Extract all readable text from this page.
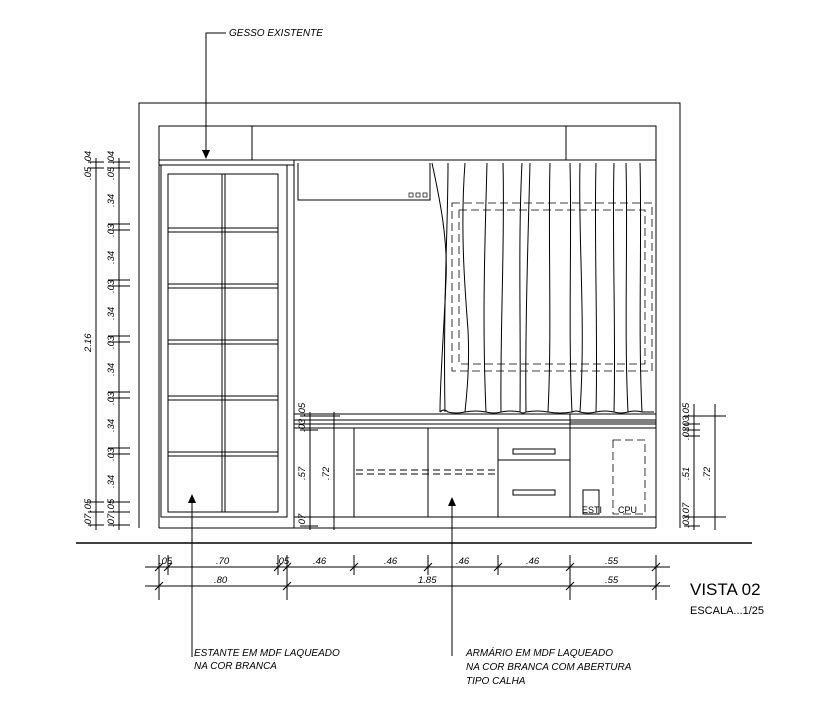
.05
.04
2.16
.05
.07
.05
.04
.34
.03
.34
.03
.34
.03
.34
.03
.34
.03
.34
.05
.07
.05
.03
.57 .72
.07
.05
.03
.03
.51 .72
.07
.03
.05	.70	.05	.46	.46	.46	.46	.55
.80	1.85	.55
GESSO EXISTENTE
ESTANTE EM MDF LAQUEADO
NA COR BRANCA
ARMÁRIO EM MDF LAQUEADO
NA COR BRANCA COM ABERTURA
TIPO CALHA
ESTI CPU
VISTA 02
ESCALA...1/25
